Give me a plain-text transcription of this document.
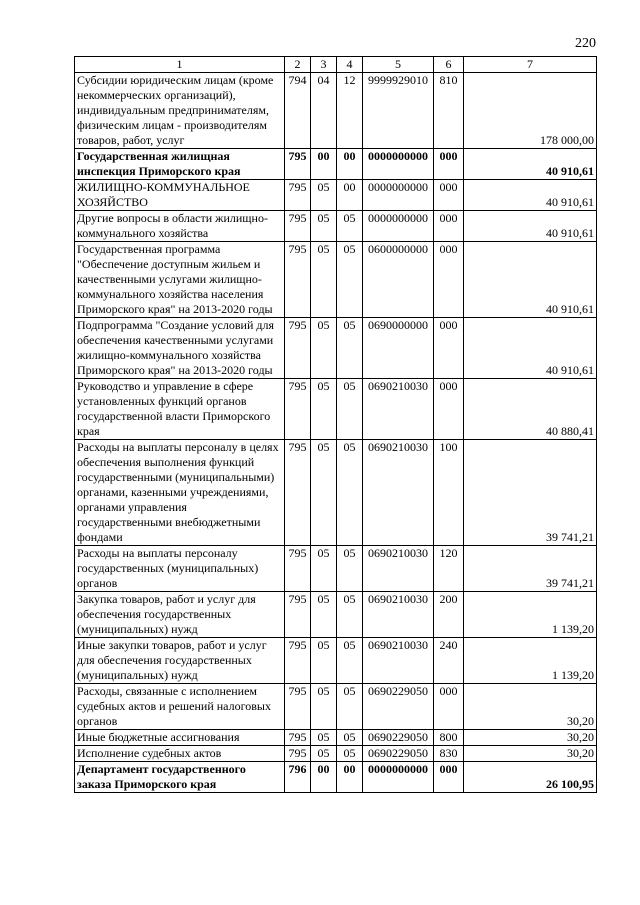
220
1	2	3	4	5	6	7
Субсидии юридическим лицам (кроме некоммерческих организаций), индивидуальным предпринимателям, физическим лицам - производителям товаров, работ, услуг	794	04	12	9999929010	810	178 000,00
Государственная жилищная инспекция Приморского края	795	00	00	0000000000	000	40 910,61
ЖИЛИЩНО-КОММУНАЛЬНОЕ ХОЗЯЙСТВО	795	05	00	0000000000	000	40 910,61
Другие вопросы в области жилищно-коммунального хозяйства	795	05	05	0000000000	000	40 910,61
Государственная программа "Обеспечение доступным жильем и качественными услугами жилищно-коммунального хозяйства населения Приморского края" на 2013-2020 годы	795	05	05	0600000000	000	40 910,61
Подпрограмма "Создание условий для обеспечения качественными услугами жилищно-коммунального хозяйства Приморского края" на 2013-2020 годы	795	05	05	0690000000	000	40 910,61
Руководство и управление в сфере установленных функций органов государственной власти Приморского края	795	05	05	0690210030	000	40 880,41
Расходы на выплаты персоналу в целях обеспечения выполнения функций государственными (муниципальными) органами, казенными учреждениями, органами управления государственными внебюджетными фондами	795	05	05	0690210030	100	39 741,21
Расходы на выплаты персоналу государственных (муниципальных) органов	795	05	05	0690210030	120	39 741,21
Закупка товаров, работ и услуг для обеспечения государственных (муниципальных) нужд	795	05	05	0690210030	200	1 139,20
Иные закупки товаров, работ и услуг для обеспечения государственных (муниципальных) нужд	795	05	05	0690210030	240	1 139,20
Расходы, связанные с исполнением судебных актов и решений налоговых органов	795	05	05	0690229050	000	30,20
Иные бюджетные ассигнования	795	05	05	0690229050	800	30,20
Исполнение судебных актов	795	05	05	0690229050	830	30,20
Департамент государственного заказа Приморского края	796	00	00	0000000000	000	26 100,95
